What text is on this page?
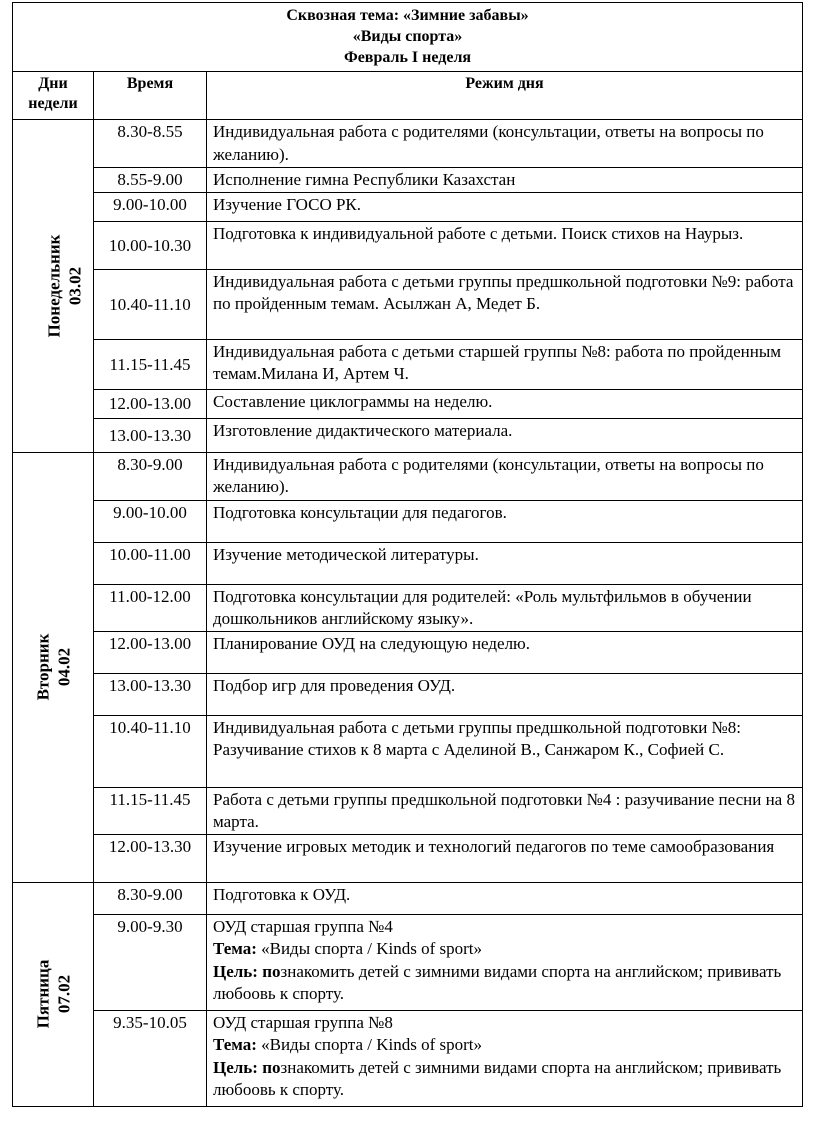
Сквозная тема: «Зимние забавы»
«Виды спорта»
Февраль I неделя		

Дни
недели	Время	Режим дня

Понедельник 03.02	8.30-8.55	Индивидуальная работа с родителями (консультации, ответы на вопросы по желанию).
	8.55-9.00	Исполнение гимна Республики Казахстан
	9.00-10.00	Изучение ГОСО РК.
	10.00-10.30	Подготовка к индивидуальной работе с детьми. Поиск стихов на Наурыз.
	10.40-11.10	Индивидуальная работа с детьми группы предшкольной подготовки №9: работа по пройденным темам. Асылжан А, Медет Б.
	11.15-11.45	Индивидуальная работа с детьми старшей группы №8: работа по пройденным темам.Милана И, Артем Ч.
	12.00-13.00	Составление циклограммы на неделю.
	13.00-13.30	Изготовление дидактического материала.

Вторник 04.02	8.30-9.00	Индивидуальная работа с родителями (консультации, ответы на вопросы по желанию).
	9.00-10.00	Подготовка консультации для педагогов.
	10.00-11.00	Изучение методической литературы.
	11.00-12.00	Подготовка консультации для родителей: «Роль мультфильмов в обучении дошкольников английскому языку».
	12.00-13.00	Планирование ОУД на следующую неделю.
	13.00-13.30	Подбор игр для проведения ОУД.
	10.40-11.10	Индивидуальная работа с детьми группы предшкольной подготовки №8: Разучивание стихов к 8 марта с Аделиной В., Санжаром К., Софией С.
	11.15-11.45	Работа с детьми группы предшкольной подготовки №4 : разучивание песни на 8 марта.
	12.00-13.30	Изучение игровых методик и технологий педагогов по теме самообразования

Пятница 07.02	8.30-9.00	Подготовка к ОУД.
	9.00-9.30	ОУД старшая группа №4
Тема: «Виды спорта / Kinds of sport»
Цель: познакомить детей с зимними видами спорта на английском; прививать любоовь к спорту.

	9.35-10.05	ОУД старшая группа №8
Тема: «Виды спорта / Kinds of sport»
Цель: познакомить детей с зимними видами спорта на английском; прививать любоовь к спорту.
